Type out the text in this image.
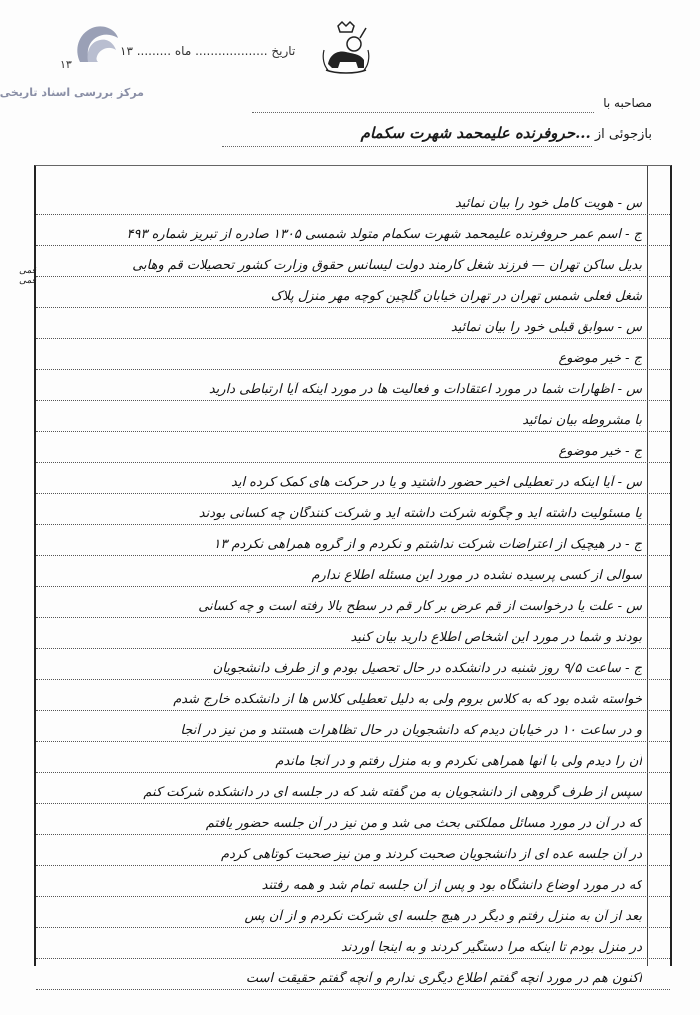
۱۳
مرکز بررسی اسناد تاریخی
تاریخ ................... ماه ......... ۱۳
مصاحبه با
بازجوئی از ...حروفرنده علیمحمد شهرت سکمام
قمی قمی
س - هویت کامل خود را بیان نمائید
ج - اسم عمر حروفرنده علیمحمد شهرت سکمام متولد شمسی ۱۳۰۵ صادره از تبریز شماره ۴۹۳
بدیل ساکن تهران — فرزند شغل کارمند دولت لیسانس حقوق وزارت کشور تحصیلات قم وهابی
شغل فعلی شمس تهران در تهران خیابان گلچین کوچه مهر منزل پلاک
س - سوابق قبلی خود را بیان نمائید
ج - خیر موضوع
س - اظهارات شما در مورد اعتقادات و فعالیت ها در مورد اینکه آیا ارتباطی دارید
با مشروطه بیان نمائید
ج - خیر موضوع
س - آیا اینکه در تعطیلی اخیر حضور داشتید و یا در حرکت های کمک کرده اید
یا مسئولیت داشته اید و چگونه شرکت داشته اید و شرکت کنندگان چه کسانی بودند
ج - در هیچیک از اعتراضات شرکت نداشتم و نکردم و از گروه همراهی نکردم ۱۳
سوالی از کسی پرسیده نشده در مورد این مسئله اطلاع ندارم
س - علت یا درخواست از قم عرض بر کار قم در سطح بالا رفته است و چه کسانی
بودند و شما در مورد این اشخاص اطلاع دارید بیان کنید
ج - ساعت ۹/۵ روز شنبه در دانشکده در حال تحصیل بودم و از طرف دانشجویان
خواسته شده بود که به کلاس بروم ولی به دلیل تعطیلی کلاس ها از دانشکده خارج شدم
و در ساعت ۱۰ در خیابان دیدم که دانشجویان در حال تظاهرات هستند و من نیز در آنجا
آن را دیدم ولی با آنها همراهی نکردم و به منزل رفتم و در آنجا ماندم
سپس از طرف گروهی از دانشجویان به من گفته شد که در جلسه ای در دانشکده شرکت کنم
که در آن در مورد مسائل مملکتی بحث می شد و من نیز در آن جلسه حضور یافتم
در آن جلسه عده ای از دانشجویان صحبت کردند و من نیز صحبت کوتاهی کردم
که در مورد اوضاع دانشگاه بود و پس از آن جلسه تمام شد و همه رفتند
بعد از آن به منزل رفتم و دیگر در هیچ جلسه ای شرکت نکردم و از آن پس
در منزل بودم تا اینکه مرا دستگیر کردند و به اینجا آوردند
اکنون هم در مورد آنچه گفتم اطلاع دیگری ندارم و آنچه گفتم حقیقت است
